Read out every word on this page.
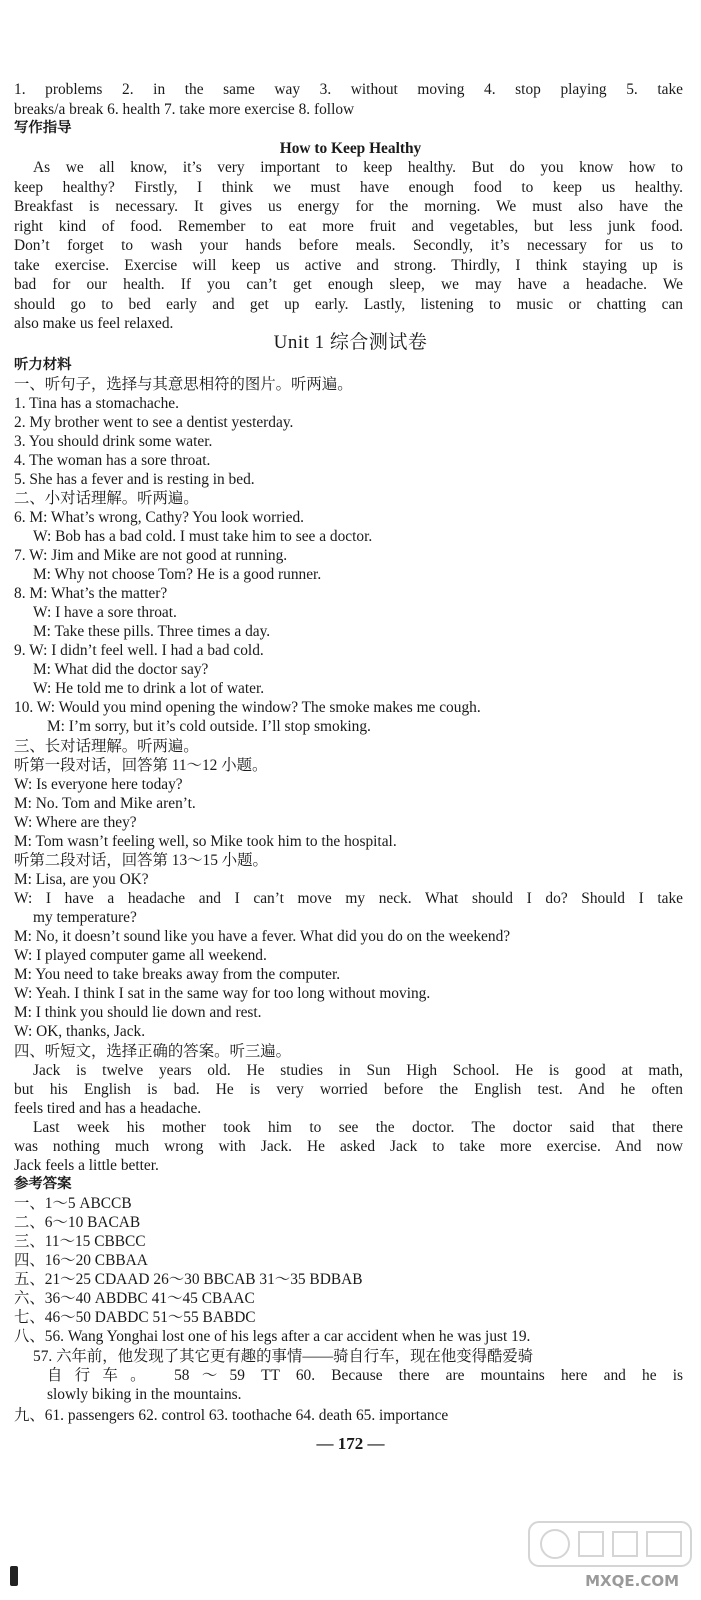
1. problems 2. in the same way 3. without moving 4. stop playing 5. take
breaks/a break 6. health 7. take more exercise 8. follow
写作指导
How to Keep Healthy
As we all know, it’s very important to keep healthy. But do you know how to
keep healthy? Firstly, I think we must have enough food to keep us healthy.
Breakfast is necessary. It gives us energy for the morning. We must also have the
right kind of food. Remember to eat more fruit and vegetables, but less junk food.
Don’t forget to wash your hands before meals. Secondly, it’s necessary for us to
take exercise. Exercise will keep us active and strong. Thirdly, I think staying up is
bad for our health. If you can’t get enough sleep, we may have a headache. We
should go to bed early and get up early. Lastly, listening to music or chatting can
also make us feel relaxed.
Unit 1 综合测试卷
听力材料
一、听句子，选择与其意思相符的图片。听两遍。
1. Tina has a stomachache.
2. My brother went to see a dentist yesterday.
3. You should drink some water.
4. The woman has a sore throat.
5. She has a fever and is resting in bed.
二、小对话理解。听两遍。
6. M: What’s wrong, Cathy? You look worried.
W: Bob has a bad cold. I must take him to see a doctor.
7. W: Jim and Mike are not good at running.
M: Why not choose Tom? He is a good runner.
8. M: What’s the matter?
W: I have a sore throat.
M: Take these pills. Three times a day.
9. W: I didn’t feel well. I had a bad cold.
M: What did the doctor say?
W: He told me to drink a lot of water.
10. W: Would you mind opening the window? The smoke makes me cough.
M: I’m sorry, but it’s cold outside. I’ll stop smoking.
三、长对话理解。听两遍。
听第一段对话，回答第 11～12 小题。
W: Is everyone here today?
M: No. Tom and Mike aren’t.
W: Where are they?
M: Tom wasn’t feeling well, so Mike took him to the hospital.
听第二段对话，回答第 13～15 小题。
M: Lisa, are you OK?
W: I have a headache and I can’t move my neck. What should I do? Should I take
my temperature?
M: No, it doesn’t sound like you have a fever. What did you do on the weekend?
W: I played computer game all weekend.
M: You need to take breaks away from the computer.
W: Yeah. I think I sat in the same way for too long without moving.
M: I think you should lie down and rest.
W: OK, thanks, Jack.
四、听短文，选择正确的答案。听三遍。
Jack is twelve years old. He studies in Sun High School. He is good at math,
but his English is bad. He is very worried before the English test. And he often
feels tired and has a headache.
Last week his mother took him to see the doctor. The doctor said that there
was nothing much wrong with Jack. He asked Jack to take more exercise. And now
Jack feels a little better.
参考答案
一、1～5 ABCCB
二、6～10 BACAB
三、11～15 CBBCC
四、16～20 CBBAA
五、21～25 CDAAD 26～30 BBCAB 31～35 BDBAB
六、36～40 ABDBC 41～45 CBAAC
七、46～50 DABDC 51～55 BABDC
八、56. Wang Yonghai lost one of his legs after a car accident when he was just 19.
57. 六年前，他发现了其它更有趣的事情——骑自行车，现在他变得酷爱骑
自行车。 58～59 TT 60. Because there are mountains here and he is
slowly biking in the mountains.
九、61. passengers 62. control 63. toothache 64. death 65. importance
— 172 —
MXQE.COM
